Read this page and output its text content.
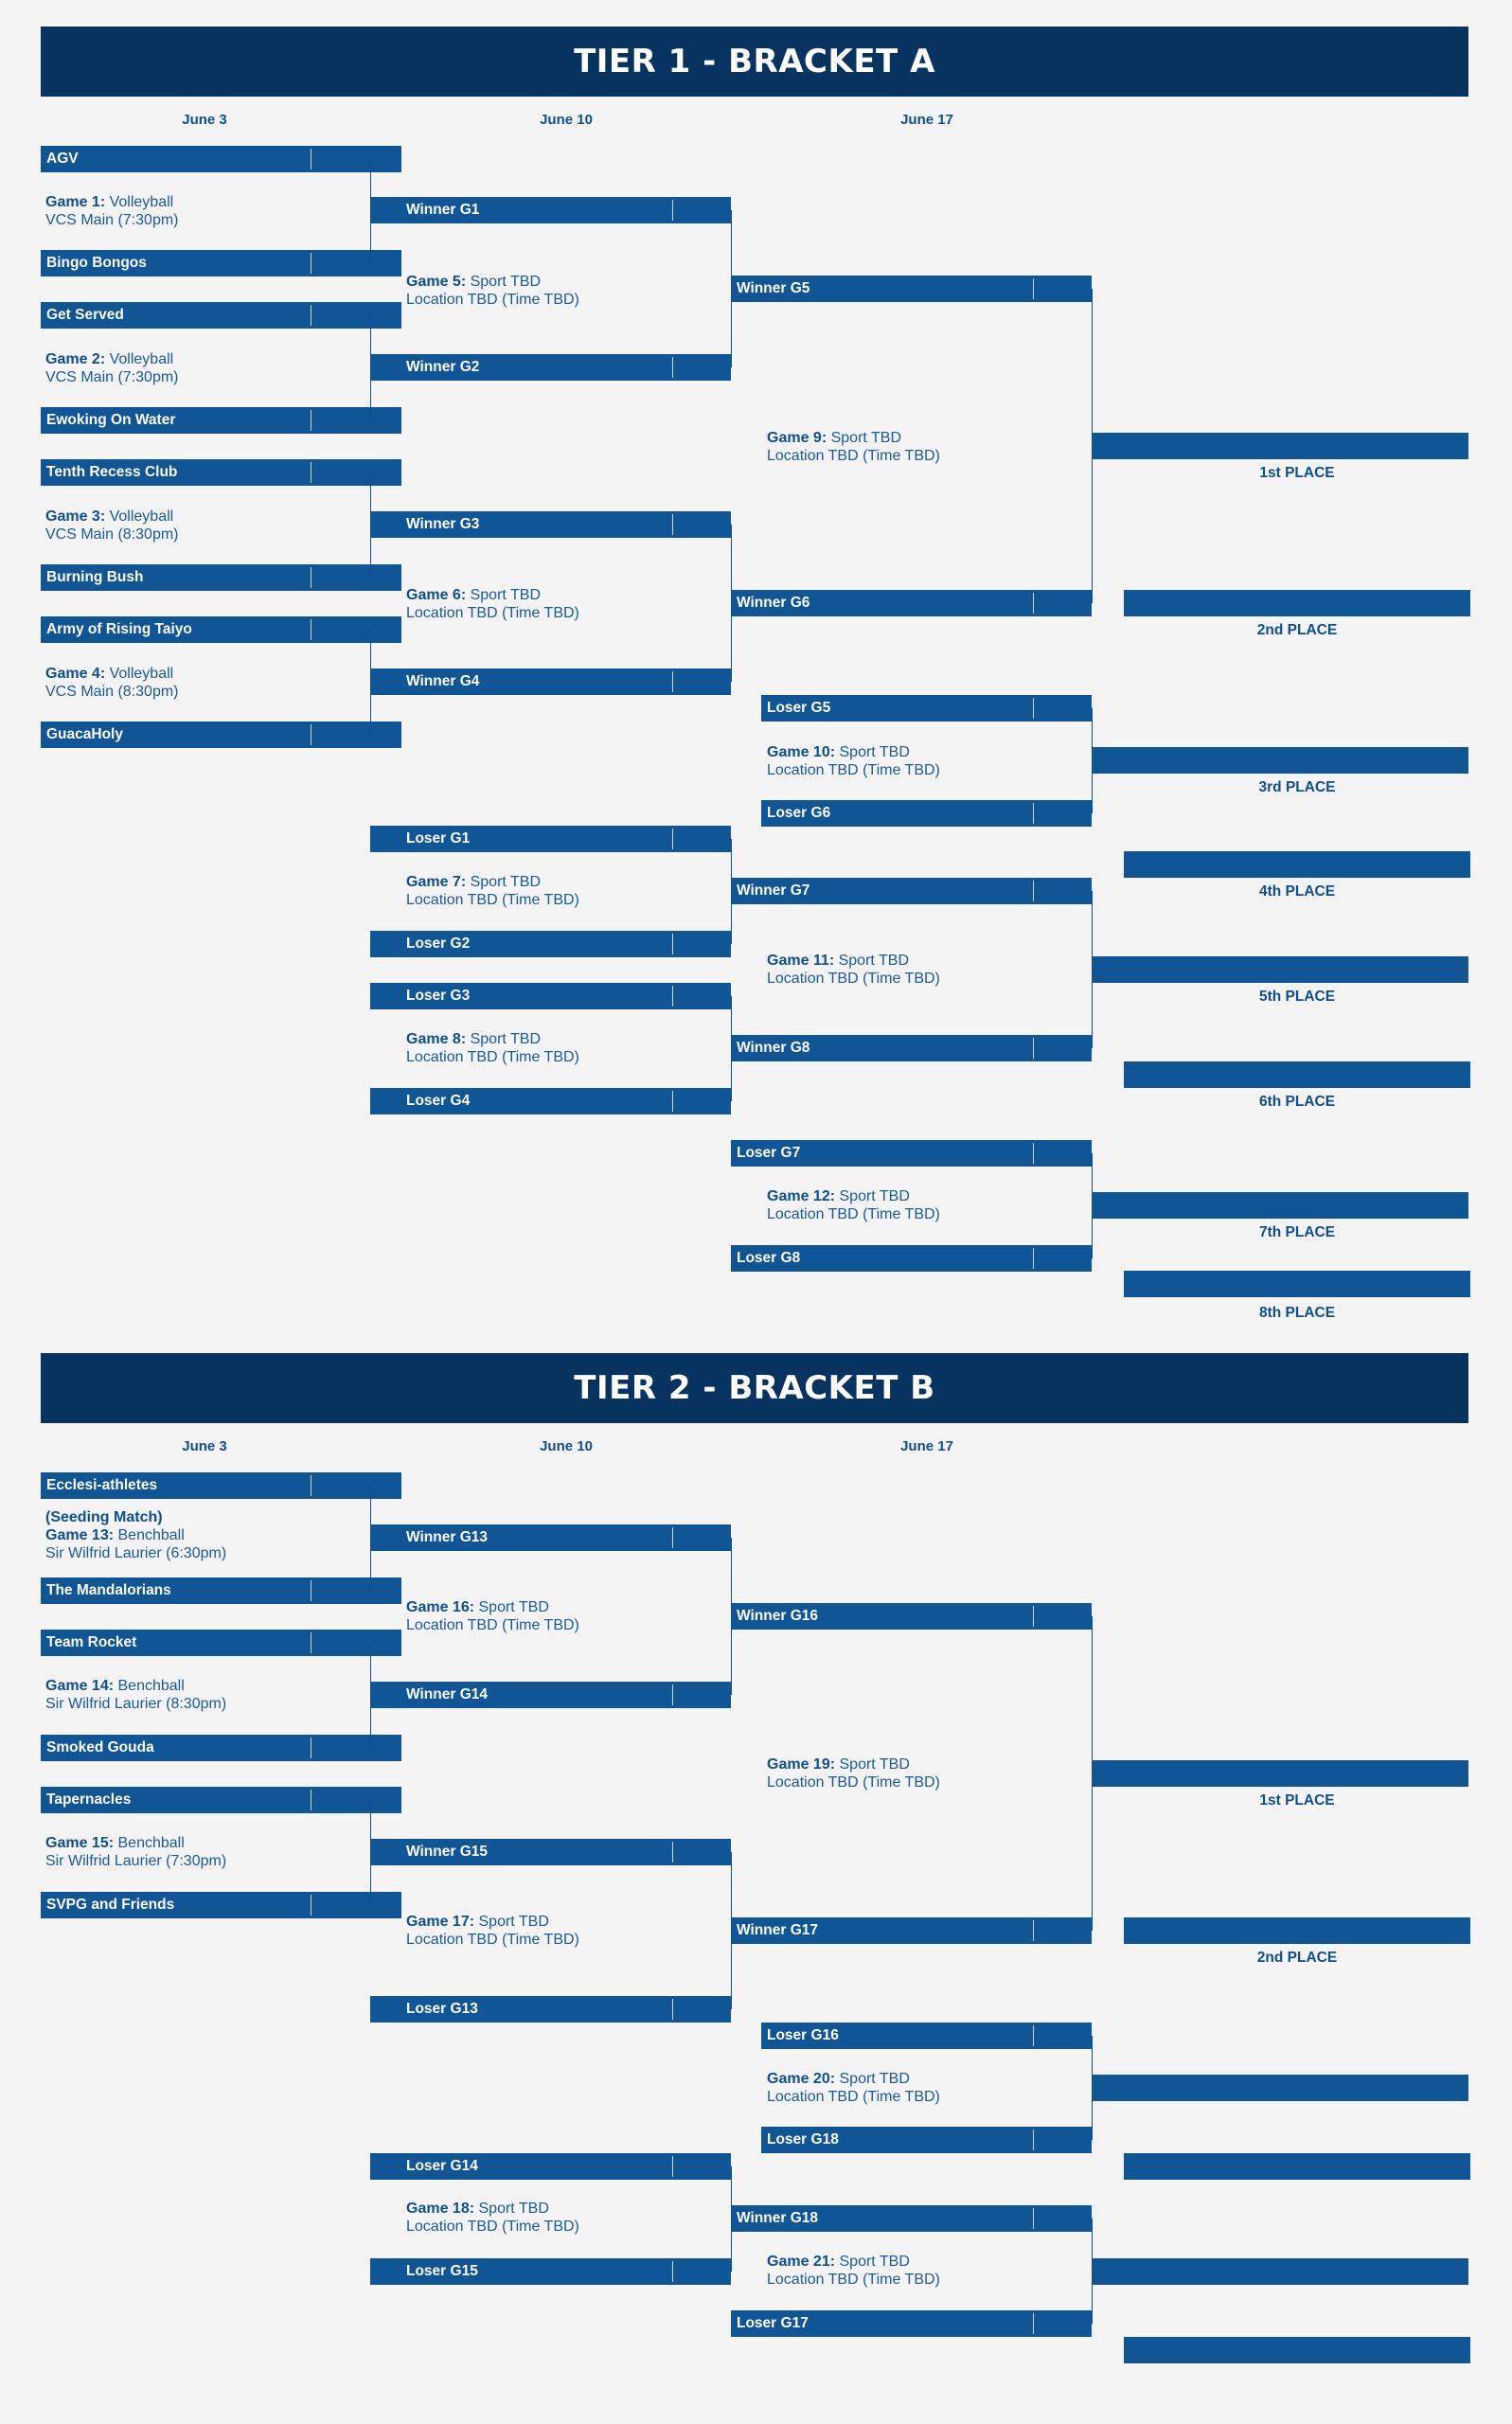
TIER 1 - BRACKET A
June 3	June 10	June 17
AGV
Bingo Bongos
Get Served
Ewoking On Water
Tenth Recess Club
Burning Bush
Army of Rising Taiyo
GuacaHoly
Winner G1
Winner G2
Winner G3
Winner G4
Loser G1
Loser G2
Loser G3
Loser G4
Winner G5
Winner G6
Loser G5
Loser G6
Winner G7
Winner G8
Loser G7
Loser G8
Game 1: Volleyball
VCS Main (7:30pm)
Game 2: Volleyball
VCS Main (7:30pm)
Game 3: Volleyball
VCS Main (8:30pm)
Game 4: Volleyball
VCS Main (8:30pm)
Game 5: Sport TBD
Location TBD (Time TBD)
Game 6: Sport TBD
Location TBD (Time TBD)
Game 7: Sport TBD
Location TBD (Time TBD)
Game 8: Sport TBD
Location TBD (Time TBD)
Game 9: Sport TBD
Location TBD (Time TBD)
Game 10: Sport TBD
Location TBD (Time TBD)
Game 11: Sport TBD
Location TBD (Time TBD)
Game 12: Sport TBD
Location TBD (Time TBD)
1st PLACE
2nd PLACE
3rd PLACE
4th PLACE
5th PLACE
6th PLACE
7th PLACE
8th PLACE
TIER 2 - BRACKET B
June 3	June 10	June 17
Ecclesi-athletes
The Mandalorians
Team Rocket
Smoked Gouda
Tapernacles
SVPG and Friends
Winner G13
Winner G14
Winner G15
Loser G13
Loser G14
Loser G15
Winner G16
Winner G17
Loser G16
Loser G18
Winner G18
Loser G17
(Seeding Match)
Game 13: Benchball
Sir Wilfrid Laurier (6:30pm)
Game 14: Benchball
Sir Wilfrid Laurier (8:30pm)
Game 15: Benchball
Sir Wilfrid Laurier (7:30pm)
Game 16: Sport TBD
Location TBD (Time TBD)
Game 17: Sport TBD
Location TBD (Time TBD)
Game 18: Sport TBD
Location TBD (Time TBD)
Game 19: Sport TBD
Location TBD (Time TBD)
Game 20: Sport TBD
Location TBD (Time TBD)
Game 21: Sport TBD
Location TBD (Time TBD)
1st PLACE
2nd PLACE
